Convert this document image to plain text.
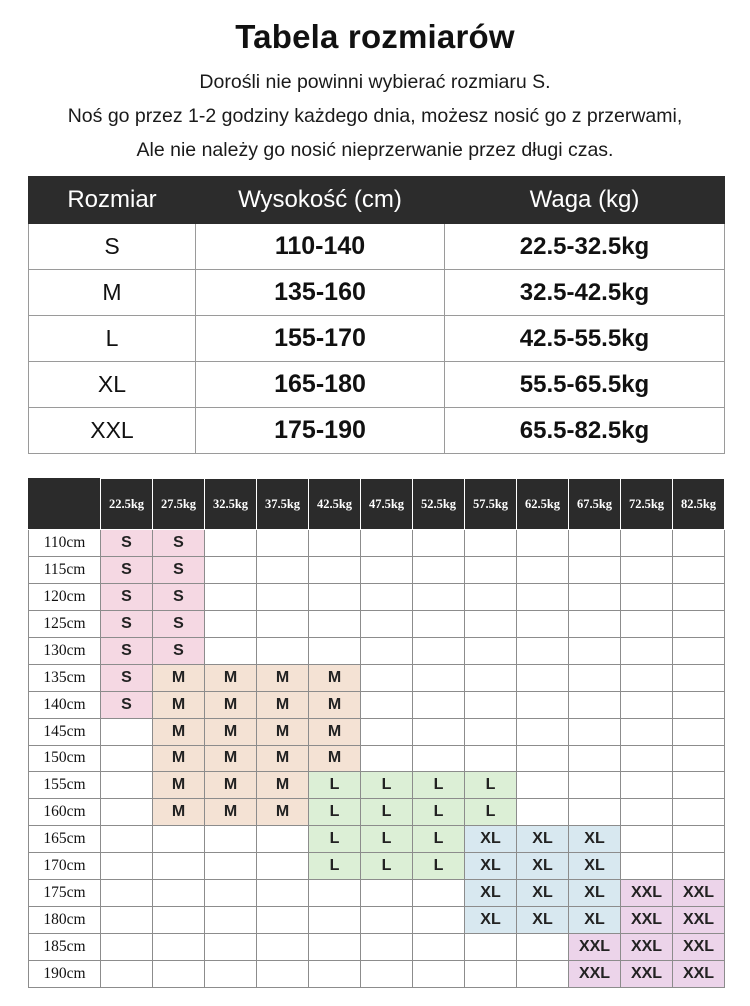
Tabela rozmiarów
Dorośli nie powinni wybierać rozmiaru S.
Noś go przez 1-2 godziny każdego dnia, możesz nosić go z przerwami,
Ale nie należy go nosić nieprzerwanie przez długi czas.
Rozmiar	Wysokość (cm)	Waga (kg)
S	110-140	22.5-32.5kg
M	135-160	32.5-42.5kg
L	155-170	42.5-55.5kg
XL	165-180	55.5-65.5kg
XXL	175-190	65.5-82.5kg
	22.5kg	27.5kg	32.5kg	37.5kg	42.5kg	47.5kg	52.5kg	57.5kg	62.5kg	67.5kg	72.5kg	82.5kg
110cm	S	S										
115cm	S	S										
120cm	S	S										
125cm	S	S										
130cm	S	S										
135cm	S	M	M	M	M							
140cm	S	M	M	M	M							
145cm		M	M	M	M							
150cm		M	M	M	M							
155cm		M	M	M	L	L	L	L				
160cm		M	M	M	L	L	L	L				
165cm					L	L	L	XL	XL	XL		
170cm					L	L	L	XL	XL	XL		
175cm								XL	XL	XL	XXL	XXL
180cm								XL	XL	XL	XXL	XXL
185cm										XXL	XXL	XXL
190cm										XXL	XXL	XXL
